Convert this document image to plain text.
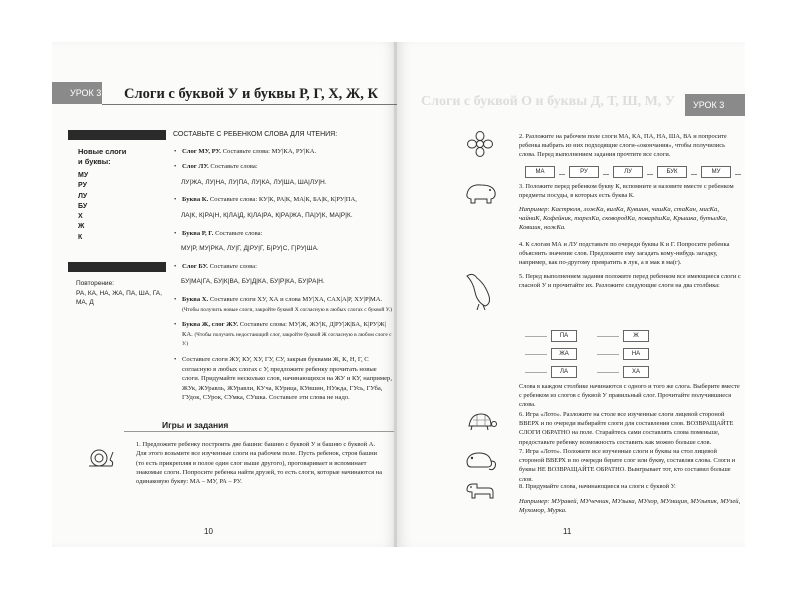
УРОК 3 Слоги с буквой У и буквы Р, Г, Х, Ж, К
Новые слоги
и буквы:
МУ
РУ
ЛУ
БУ
Х
Ж
К
Повторение:
РА, КА, НА, ЖА, ПА, ША, ГА, МА, Д

СОСТАВЬТЕ С РЕБЕНКОМ СЛОВА ДЛЯ ЧТЕНИЯ:

• Слог МУ, РУ. Составьте слова: МУ|КА, РУ|КА.

• Слог ЛУ. Составьте слова:

ЛУ|ЖА, ЛУ|НА, ЛУ|ПА, ЛУ|КА, ЛУ|ША, ША|ЛУ|Н.

• Буква К. Составьте слова: КУ|К, РА|К, МА|К, БА|К, К|РУ|ПА,

ЛА|К, К|РА|Н, К|ЛА|Д, К|ЛА|РА, К|РА|ЖА, ПА|У|К, МА|Р|К.

• Буква Р, Г. Составьте слова:

МУ|Р, МУ|РКА, ЛУ|Г, Д|РУ|Г, Б|РУ|С, Г|РУ|ША.

• Слог БУ. Составьте слова:

БУ|МА|ГА, БУ|К|ВА, БУ|Д|КА, БУ|Р|КА, БУ|РА|Н.

• Буква Х. Составьте слоги ХУ, ХА и слова МУ|ХА, САХ|А|Р, ХУ|Р|МА. (Чтобы получить новые слоги, закройте буквой Х согласную в любых слогах с буквой У.)

• Буква Ж, слог ЖУ. Составьте слова: МУ|Ж, ЖУ|К, Д|РУ|Ж|БА, К|РУ|Ж|КА. (Чтобы получить недостающий слог, закройте буквой Ж согласную в любом слоге с У.)

• Составьте слоги ЖУ, КУ, ХУ, ГУ, СУ, закрыв буквами Ж, К, Н, Г, С согласную в любых слогах с У, предложите ребенку прочитать новые слоги. Придумайте несколько слов, начинающихся на ЖУ и КУ, например, ЖУк, ЖУравль, ЖУравли, КУча, КУрица, КУвшин, НУжда, ГУсь, ГУба, ГУдок, СУрок, СУмка, СУшка. Составьте эти слова не надо.

Игры и задания
1. Предложите ребенку построить две башни: башню с буквой У и башню с буквой А. Для этого возьмите все изученные слоги на рабочем поле. Пусть ребенок, строя башни (то есть прикрепляя в полое один слог выше другого), проговаривает и вспоминает знакомые слоги. Попросите ребенка найти друзей, то есть слоги, которые начинаются на одинаковую букву: МА – МУ, РА – РУ.
10
Слоги с буквой О и буквы Д, Т, Ш, М, У	УРОК 3

2. Разложите на рабочем поле слоги МА, КА, ПА, НА, ША, ВА и попросите ребенка выбрать из них подходящие слоги-«окончания», чтобы получились слова. Перед выполнением задания прочтите все слоги.

МА	РУ	ЛУ	БУК	МУ

3. Положите перед ребенком букву К, вспомните и назовите вместе с ребенком предметы посуды, в которых есть буква К.

Например: Кастрюля, ложКа, вилКа, Кувшин, чашКа, стаКан, мисКа, чайниК, Кофейник, тарелКа, сковородКа, поварёшКа, Крышка, бутылКа, Ковшик, ножКа.

4. К слогам МА и ЛУ подставьте по очереди буквы К и Г. Попросите ребенка объяснить значение слов. Предложите ему загадать кому-нибудь загадку, например, как по-другому превратить в лук, а в мак в ма(г).

5. Перед выполнением задания положите перед ребенком все имеющиеся слоги с гласной У и прочитайте их. Разложите следующие слоги на два столбика:

ПА	Ж
ЖА	НА
ЛА	ХА

Слова в каждом столбике начинаются с одного и того же слога. Выберите вместе с ребенком из слогов с буквой У правильный слог. Прочитайте получившиеся слова.

6. Игра «Лото». Разложите на столе все изученные слоги лицевой стороной ВВЕРХ и по очереди выбирайте слоги для составления слов. ВОЗВРАЩАЙТЕ СЛОГИ ОБРАТНО на поле. Старайтесь сами составлять слова поменьше, предоставьте ребенку возможность составить как можно больше слов.

7. Игра «Лото». Положите все изученные слоги и буквы на стол лицевой стороной ВВЕРХ и по очереди берите слог или букву, составляя слова. Слоги и буквы НЕ ВОЗВРАЩАЙТЕ ОБРАТНО. Выигрывает тот, кто составил больше слов.

8. Придумайте слова, начинающиеся на слоги с буквой У.

Например: МУравей, МУчечник, МУзыка, МУхор, МУмиция, МУльтик, МУзей, Мухомор, Мурка.

11
